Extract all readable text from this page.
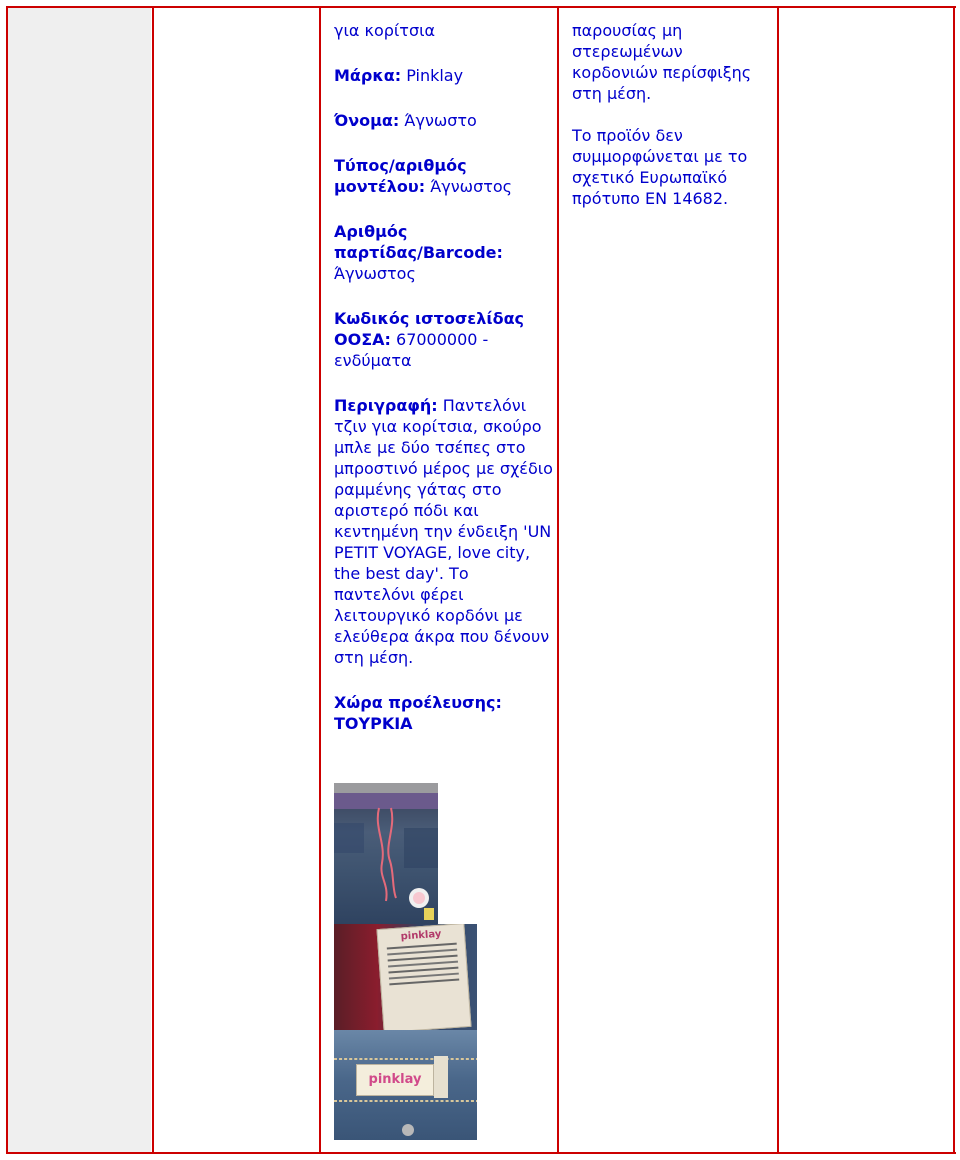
για κορίτσια

Μάρκα: Pinklay

Όνομα: Άγνωστο

Τύπος/αριθμός μοντέλου: Άγνωστος

Αριθμός παρτίδας/Barcode: Άγνωστος

Κωδικός ιστοσελίδας ΟΟΣΑ: 67000000 - ενδύματα

Περιγραφή: Παντελόνι τζιν για κορίτσια, σκούρο μπλε με δύο τσέπες στο μπροστινό μέρος με σχέδιο ραμμένης γάτας στο αριστερό πόδι και κεντημένη την ένδειξη 'UN PETIT VOYAGE, love city, the best day'. Το παντελόνι φέρει λειτουργικό κορδόνι με ελεύθερα άκρα που δένουν στη μέση.

Χώρα προέλευσης:
ΤΟΥΡΚΙΑ

παρουσίας μη στερεωμένων κορδονιών περίσφιξης στη μέση.

Το προϊόν δεν συμμορφώνεται με το σχετικό Ευρωπαϊκό πρότυπο EN 14682.

pinklay
pinklay
